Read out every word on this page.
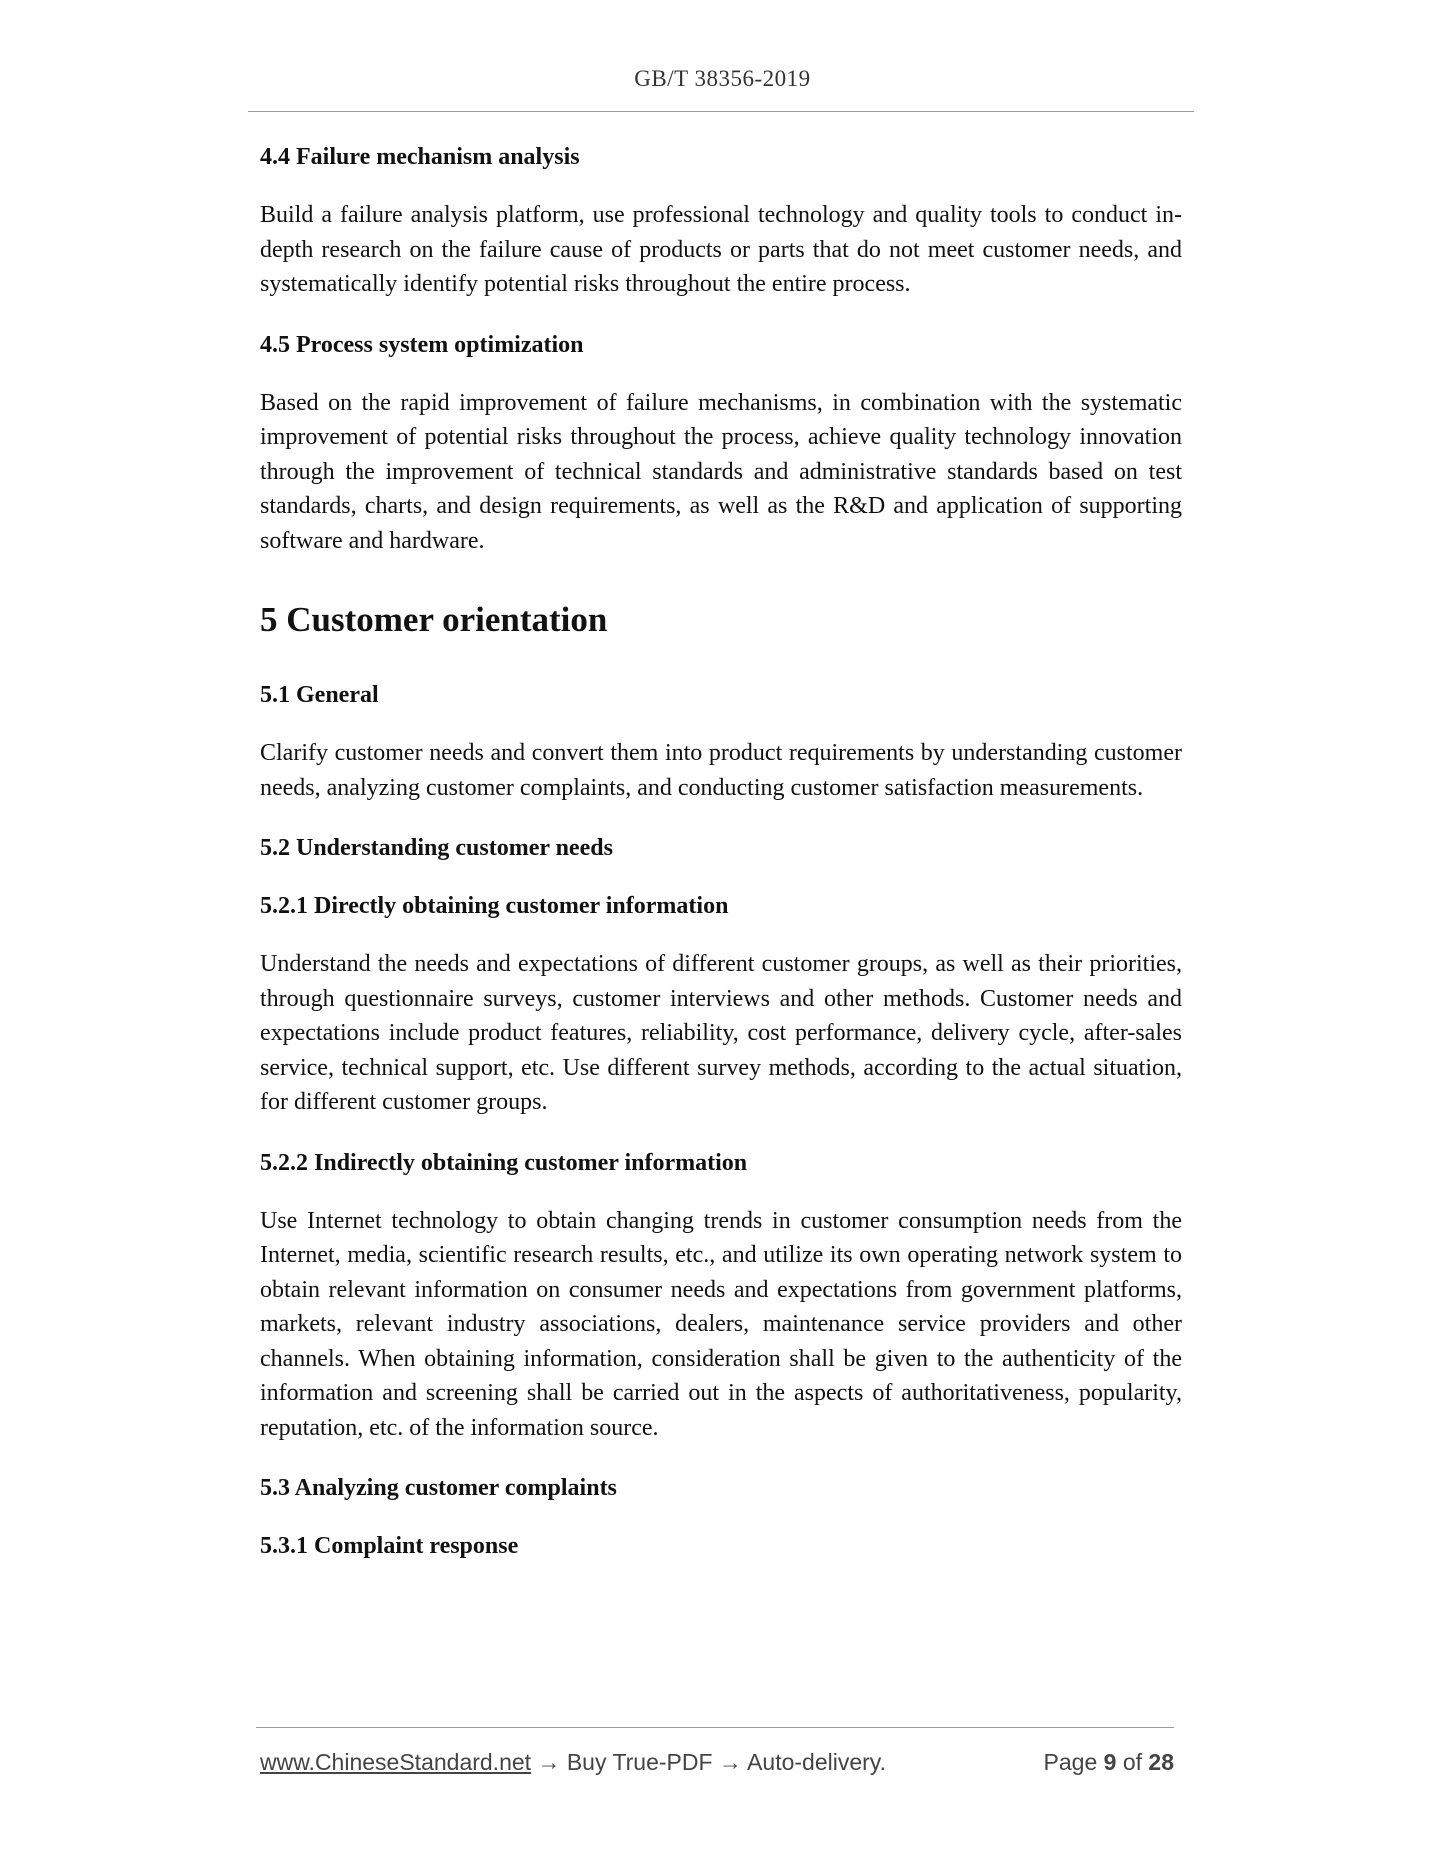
GB/T 38356-2019
4.4 Failure mechanism analysis
Build a failure analysis platform, use professional technology and quality tools to conduct in-depth research on the failure cause of products or parts that do not meet customer needs, and systematically identify potential risks throughout the entire process.
4.5 Process system optimization
Based on the rapid improvement of failure mechanisms, in combination with the systematic improvement of potential risks throughout the process, achieve quality technology innovation through the improvement of technical standards and administrative standards based on test standards, charts, and design requirements, as well as the R&D and application of supporting software and hardware.
5 Customer orientation
5.1 General
Clarify customer needs and convert them into product requirements by understanding customer needs, analyzing customer complaints, and conducting customer satisfaction measurements.
5.2 Understanding customer needs
5.2.1 Directly obtaining customer information
Understand the needs and expectations of different customer groups, as well as their priorities, through questionnaire surveys, customer interviews and other methods. Customer needs and expectations include product features, reliability, cost performance, delivery cycle, after-sales service, technical support, etc. Use different survey methods, according to the actual situation, for different customer groups.
5.2.2 Indirectly obtaining customer information
Use Internet technology to obtain changing trends in customer consumption needs from the Internet, media, scientific research results, etc., and utilize its own operating network system to obtain relevant information on consumer needs and expectations from government platforms, markets, relevant industry associations, dealers, maintenance service providers and other channels. When obtaining information, consideration shall be given to the authenticity of the information and screening shall be carried out in the aspects of authoritativeness, popularity, reputation, etc. of the information source.
5.3 Analyzing customer complaints
5.3.1 Complaint response
www.ChineseStandard.net → Buy True-PDF → Auto-delivery.	Page 9 of 28
